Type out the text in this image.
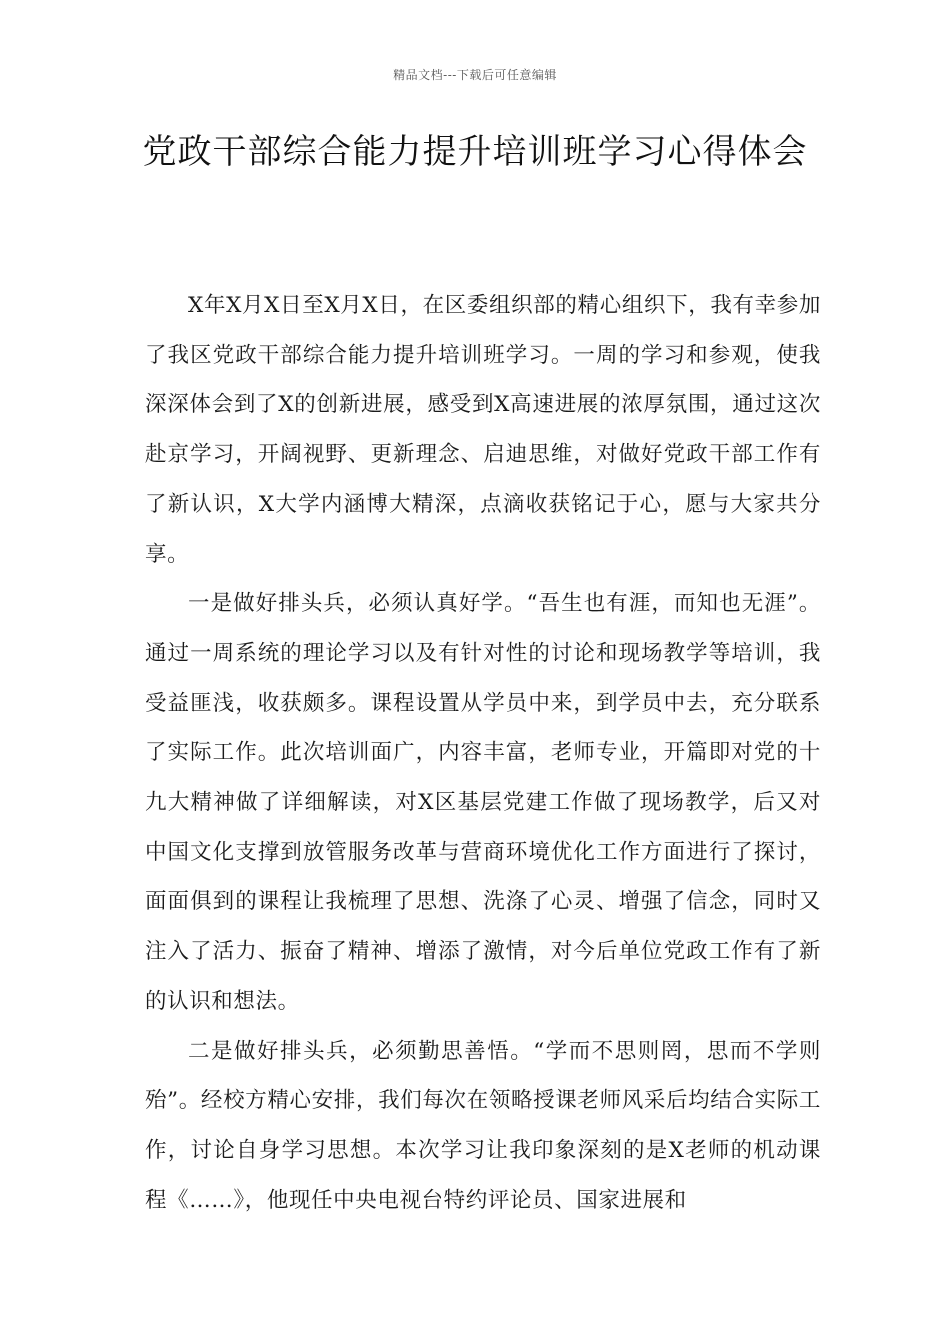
精品文档---下载后可任意编辑
党政干部综合能力提升培训班学习心得体会

X年X月X日至X月X日，在区委组织部的精心组织下，我有幸参加了我区党政干部综合能力提升培训班学习。一周的学习和参观，使我深深体会到了X的创新进展，感受到X高速进展的浓厚氛围，通过这次赴京学习，开阔视野、更新理念、启迪思维，对做好党政干部工作有了新认识，X大学内涵博大精深，点滴收获铭记于心，愿与大家共分享。

一是做好排头兵，必须认真好学。“吾生也有涯，而知也无涯”。通过一周系统的理论学习以及有针对性的讨论和现场教学等培训，我受益匪浅，收获颇多。课程设置从学员中来，到学员中去，充分联系了实际工作。此次培训面广，内容丰富，老师专业，开篇即对党的十九大精神做了详细解读，对X区基层党建工作做了现场教学，后又对中国文化支撑到放管服务改革与营商环境优化工作方面进行了探讨，面面俱到的课程让我梳理了思想、洗涤了心灵、增强了信念，同时又注入了活力、振奋了精神、增添了激情，对今后单位党政工作有了新的认识和想法。

二是做好排头兵，必须勤思善悟。“学而不思则罔，思而不学则殆”。经校方精心安排，我们每次在领略授课老师风采后均结合实际工作，讨论自身学习思想。本次学习让我印象深刻的是X老师的机动课程《……》，他现任中央电视台特约评论员、国家进展和
